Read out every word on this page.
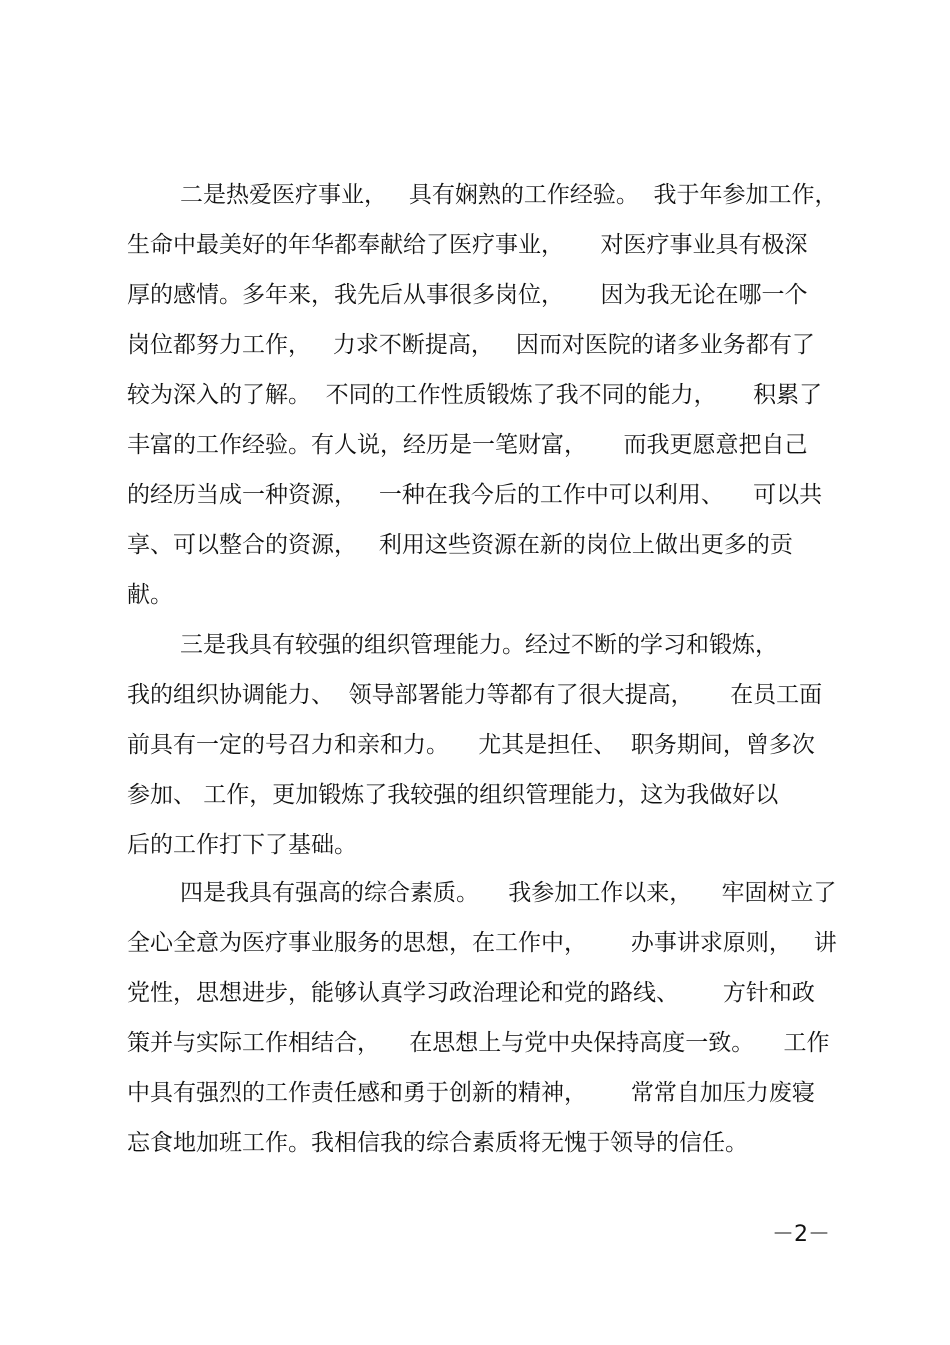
二是热爱医疗事业，   具有娴熟的工作经验。  我于年参加工作，
生命中最美好的年华都奉献给了医疗事业，     对医疗事业具有极深
厚的感情。多年来，我先后从事很多岗位，     因为我无论在哪一个
岗位都努力工作，   力求不断提高，   因而对医院的诸多业务都有了
较为深入的了解。  不同的工作性质锻炼了我不同的能力，     积累了
丰富的工作经验。有人说，经历是一笔财富，     而我更愿意把自己
的经历当成一种资源，   一种在我今后的工作中可以利用、    可以共
享、可以整合的资源，   利用这些资源在新的岗位上做出更多的贡
献。
三是我具有较强的组织管理能力。经过不断的学习和锻炼，
我的组织协调能力、  领导部署能力等都有了很大提高，     在员工面
前具有一定的号召力和亲和力。    尤其是担任、  职务期间，曾多次
参加、 工作，更加锻炼了我较强的组织管理能力，这为我做好以
后的工作打下了基础。
四是我具有强高的综合素质。    我参加工作以来，    牢固树立了
全心全意为医疗事业服务的思想，在工作中，      办事讲求原则，   讲
党性，思想进步，能够认真学习政治理论和党的路线、      方针和政
策并与实际工作相结合，    在思想上与党中央保持高度一致。    工作
中具有强烈的工作责任感和勇于创新的精神，      常常自加压力废寝
忘食地加班工作。我相信我的综合素质将无愧于领导的信任。
－2－
